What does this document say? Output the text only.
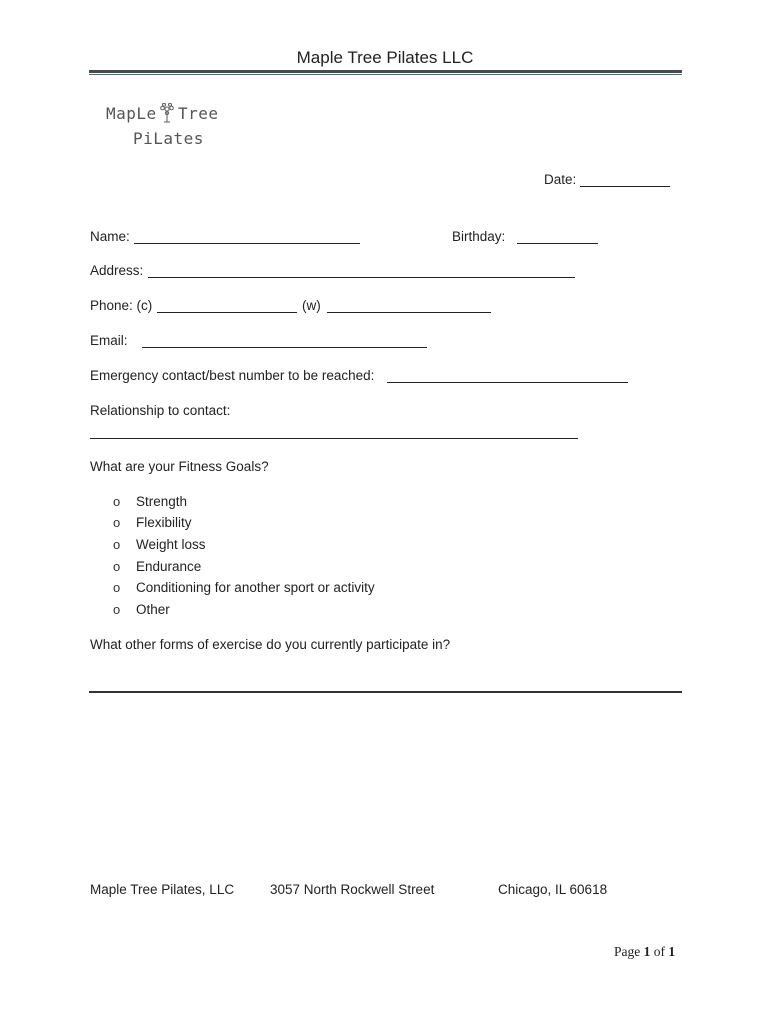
Maple Tree Pilates LLC
MapLe Tree
PiLates
Date:
Name:	Birthday:
Address:
Phone: (c)	(w)
Email:
Emergency contact/best number to be reached:
Relationship to contact:
What are your Fitness Goals?
o Strength
o Flexibility
o Weight loss
o Endurance
o Conditioning for another sport or activity
o Other
What other forms of exercise do you currently participate in?
Maple Tree Pilates, LLC	3057 North Rockwell Street	Chicago, IL 60618
Page 1 of 1
